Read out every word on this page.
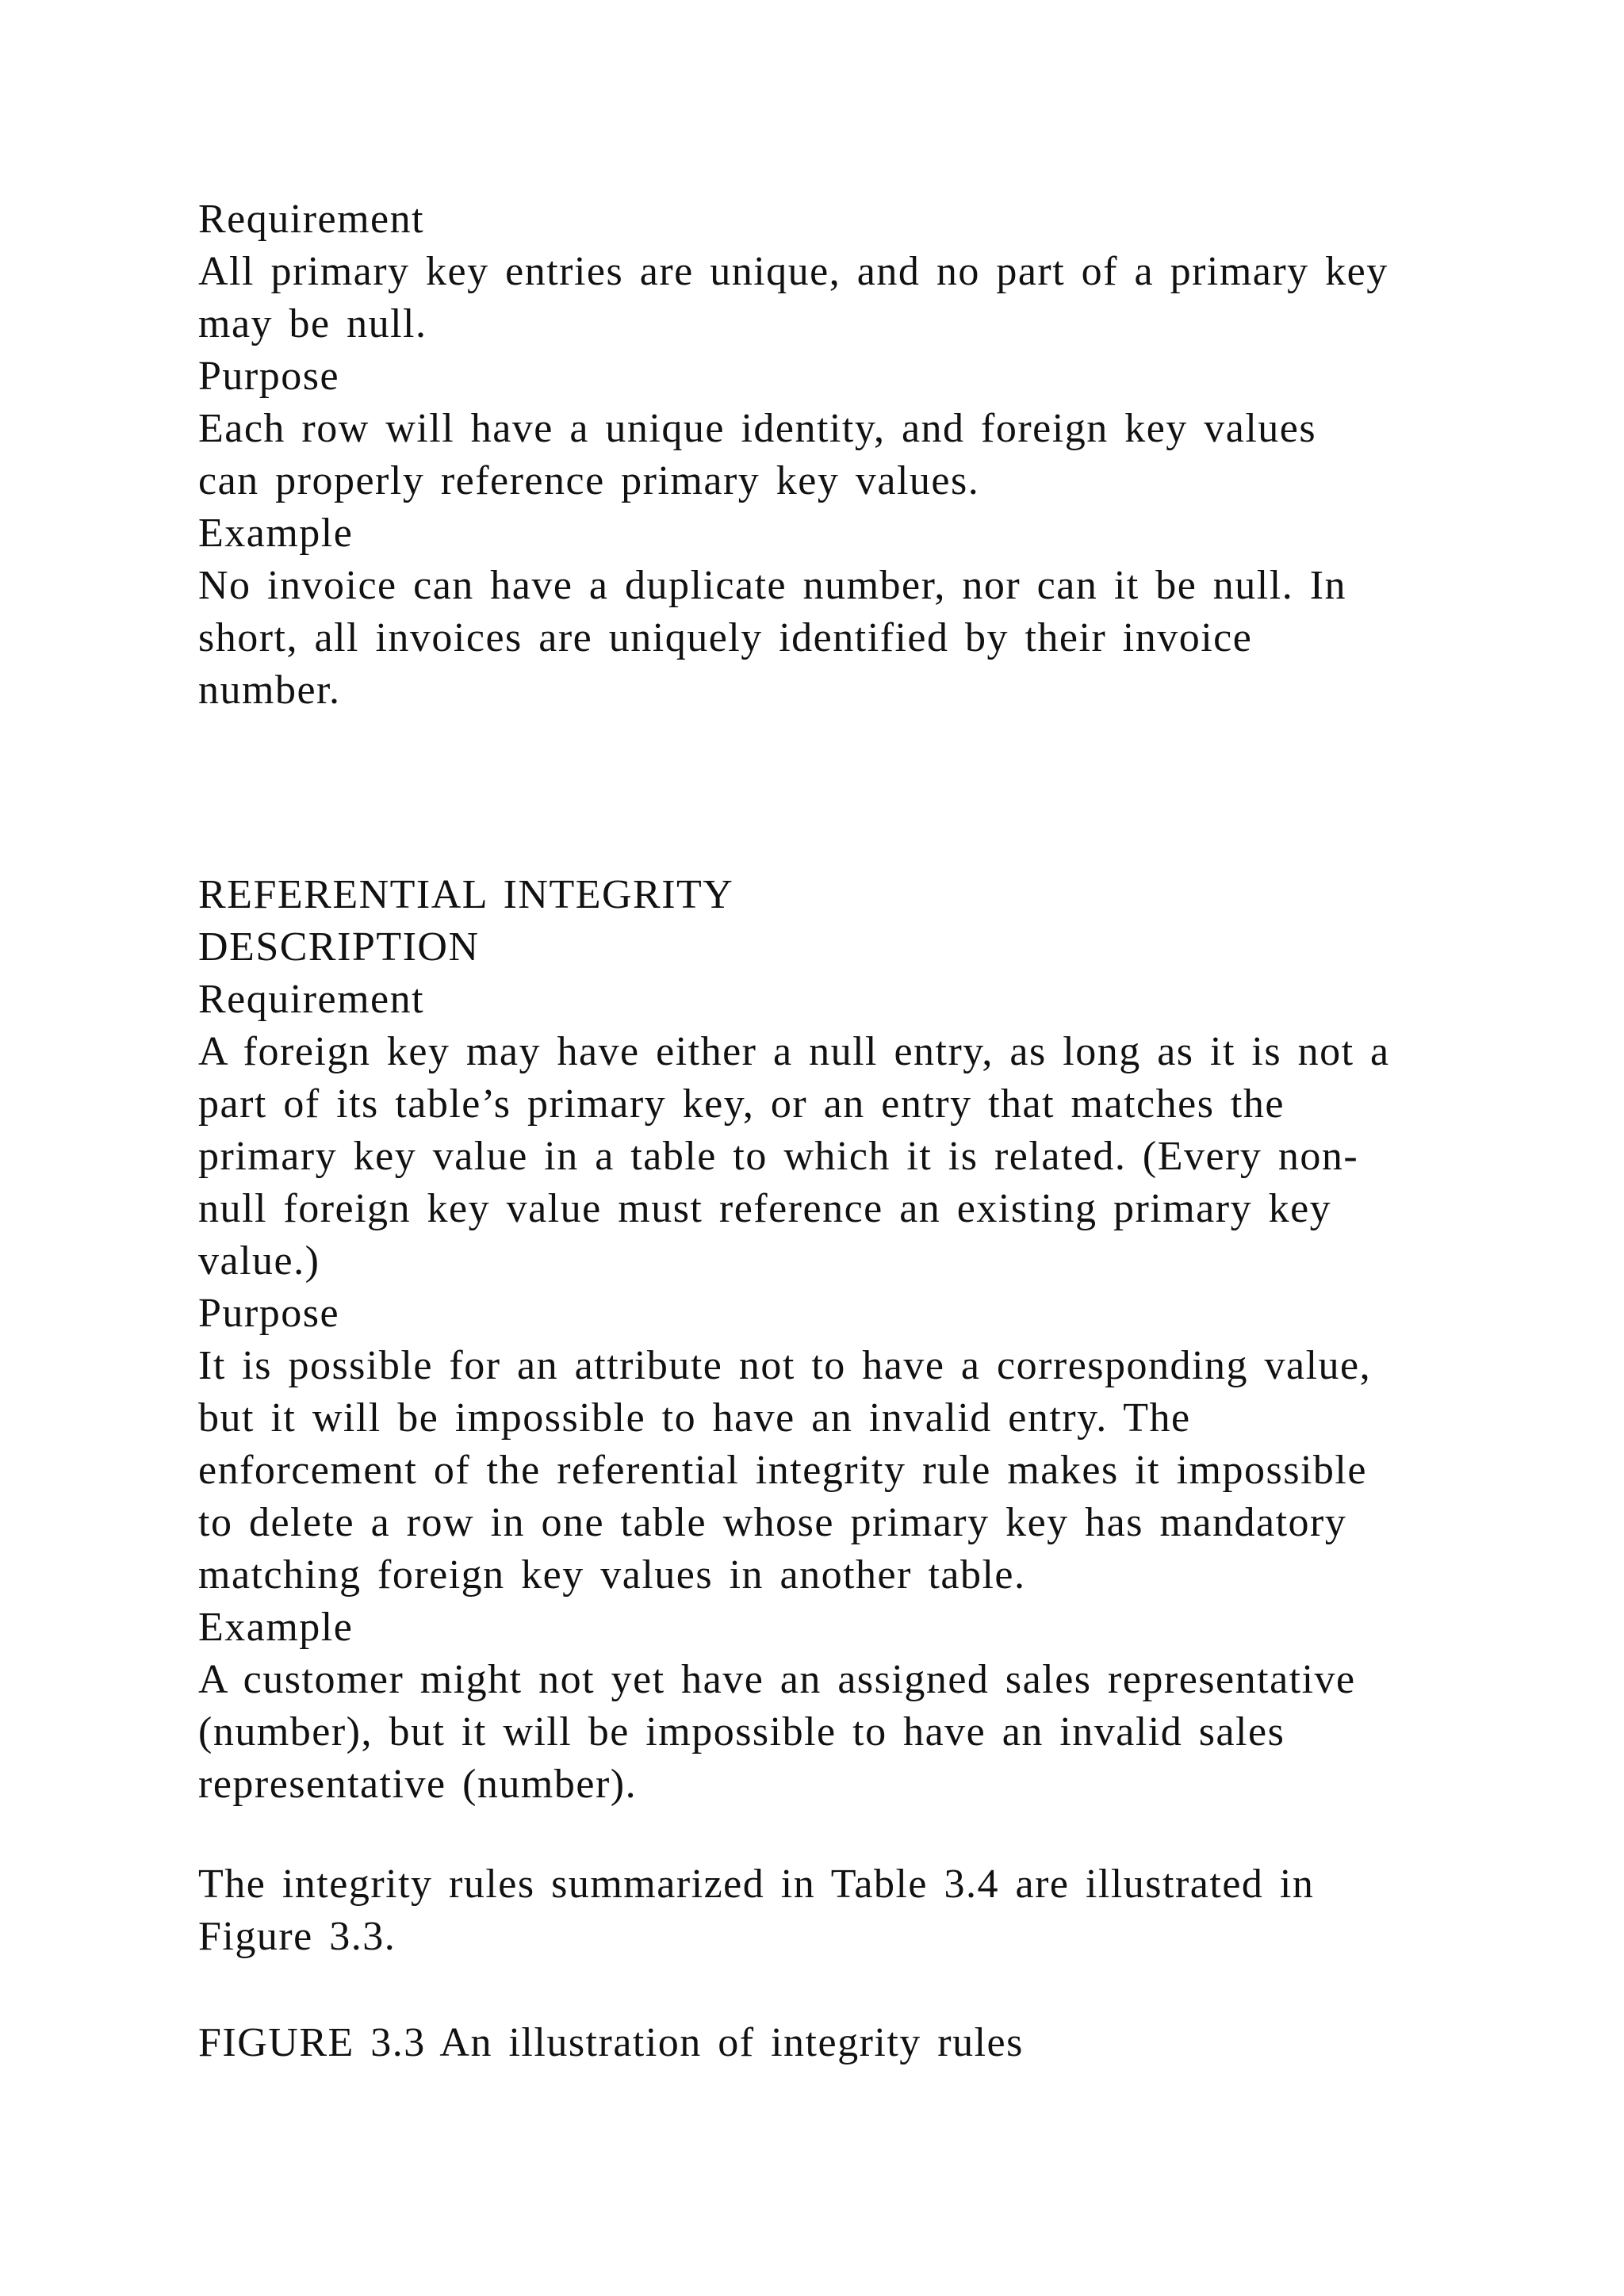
Requirement
All primary key entries are unique, and no part of a primary key
may be null.
Purpose
Each row will have a unique identity, and foreign key values
can properly reference primary key values.
Example
No invoice can have a duplicate number, nor can it be null. In
short, all invoices are uniquely identified by their invoice
number.
REFERENTIAL INTEGRITY
DESCRIPTION
Requirement
A foreign key may have either a null entry, as long as it is not a
part of its table’s primary key, or an entry that matches the
primary key value in a table to which it is related. (Every non-
null foreign key value must reference an existing primary key
value.)
Purpose
It is possible for an attribute not to have a corresponding value,
but it will be impossible to have an invalid entry. The
enforcement of the referential integrity rule makes it impossible
to delete a row in one table whose primary key has mandatory
matching foreign key values in another table.
Example
A customer might not yet have an assigned sales representative
(number), but it will be impossible to have an invalid sales
representative (number).
The integrity rules summarized in Table 3.4 are illustrated in
Figure 3.3.
FIGURE 3.3 An illustration of integrity rules
